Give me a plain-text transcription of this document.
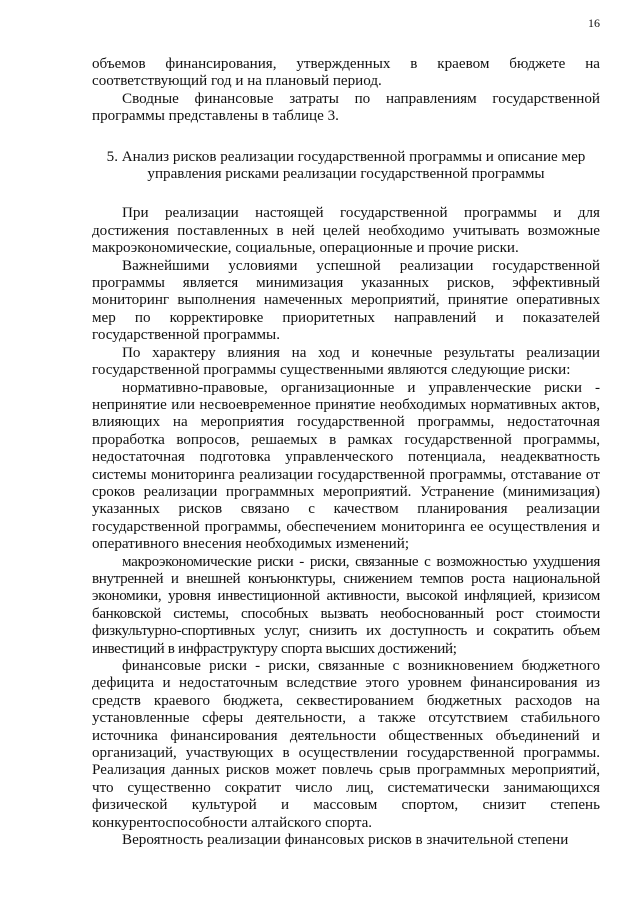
16

объемов финансирования, утвержденных в краевом бюджете на соответствующий год и на плановый период.

Сводные финансовые затраты по направлениям государственной программы представлены в таблице 3.

5. Анализ рисков реализации государственной программы и описание мер
управления рисками реализации государственной программы

При реализации настоящей государственной программы и для достижения поставленных в ней целей необходимо учитывать возможные макроэкономические, социальные, операционные и прочие риски.

Важнейшими условиями успешной реализации государственной программы является минимизация указанных рисков, эффективный мониторинг выполнения намеченных мероприятий, принятие оперативных мер по корректировке приоритетных направлений и показателей государственной программы.

По характеру влияния на ход и конечные результаты реализации государственной программы существенными являются следующие риски:

нормативно-правовые, организационные и управленческие риски - непринятие или несвоевременное принятие необходимых нормативных актов, влияющих на мероприятия государственной программы, недостаточная проработка вопросов, решаемых в рамках государственной программы, недостаточная подготовка управленческого потенциала, неадекватность системы мониторинга реализации государственной программы, отставание от сроков реализации программных мероприятий. Устранение (минимизация) указанных рисков связано с качеством планирования реализации государственной программы, обеспечением мониторинга ее осуществления и оперативного внесения необходимых изменений;

макроэкономические риски - риски, связанные с возможностью ухудшения внутренней и внешней конъюнктуры, снижением темпов роста национальной экономики, уровня инвестиционной активности, высокой инфляцией, кризисом банковской системы, способных вызвать необоснованный рост стоимости физкультурно-спортивных услуг, снизить их доступность и сократить объем инвестиций в инфраструктуру спорта высших достижений;

финансовые риски - риски, связанные с возникновением бюджетного дефицита и недостаточным вследствие этого уровнем финансирования из средств краевого бюджета, секвестированием бюджетных расходов на установленные сферы деятельности, а также отсутствием стабильного источника финансирования деятельности общественных объединений и организаций, участвующих в осуществлении государственной программы. Реализация данных рисков может повлечь срыв программных мероприятий, что существенно сократит число лиц, систематически занимающихся физической культурой и массовым спортом, снизит степень конкурентоспособности алтайского спорта.

Вероятность реализации финансовых рисков в значительной степени
